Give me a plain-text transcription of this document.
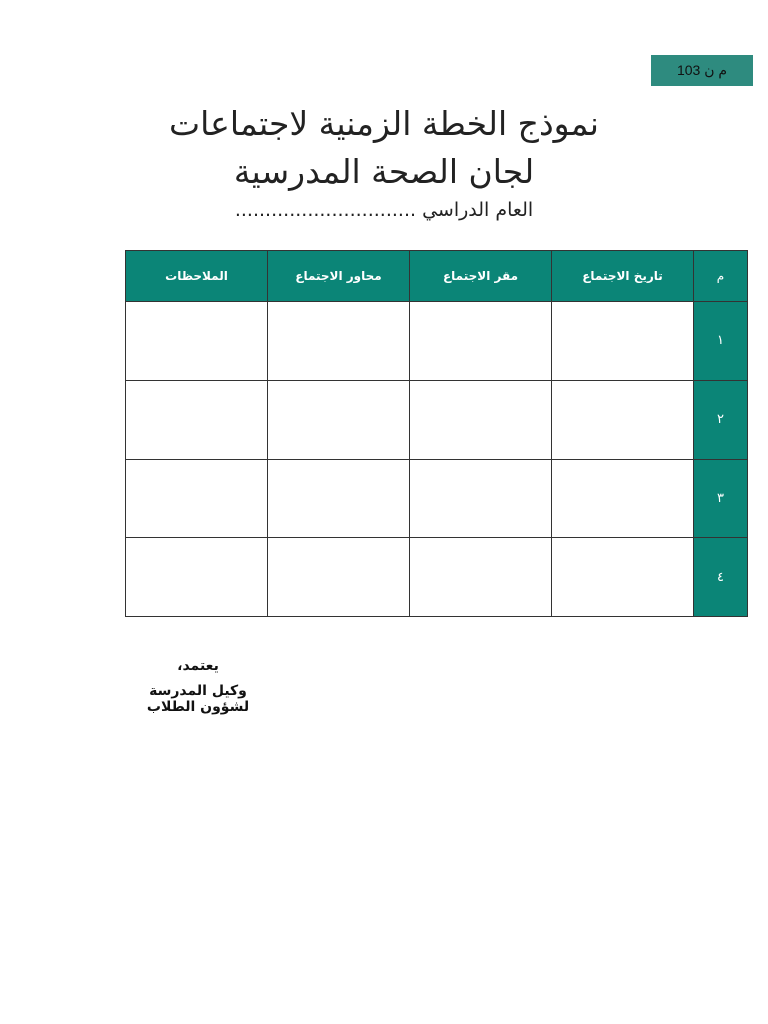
م ن 103
نموذج الخطة الزمنية لاجتماعات
لجان الصحة المدرسية
العام الدراسي ..............................
م	تاريخ الاجتماع	مقر الاجتماع	محاور الاجتماع	الملاحظات
١				
٢				
٣				
٤				
يعتمد،
وكيل المدرسة
لشؤون الطلاب
